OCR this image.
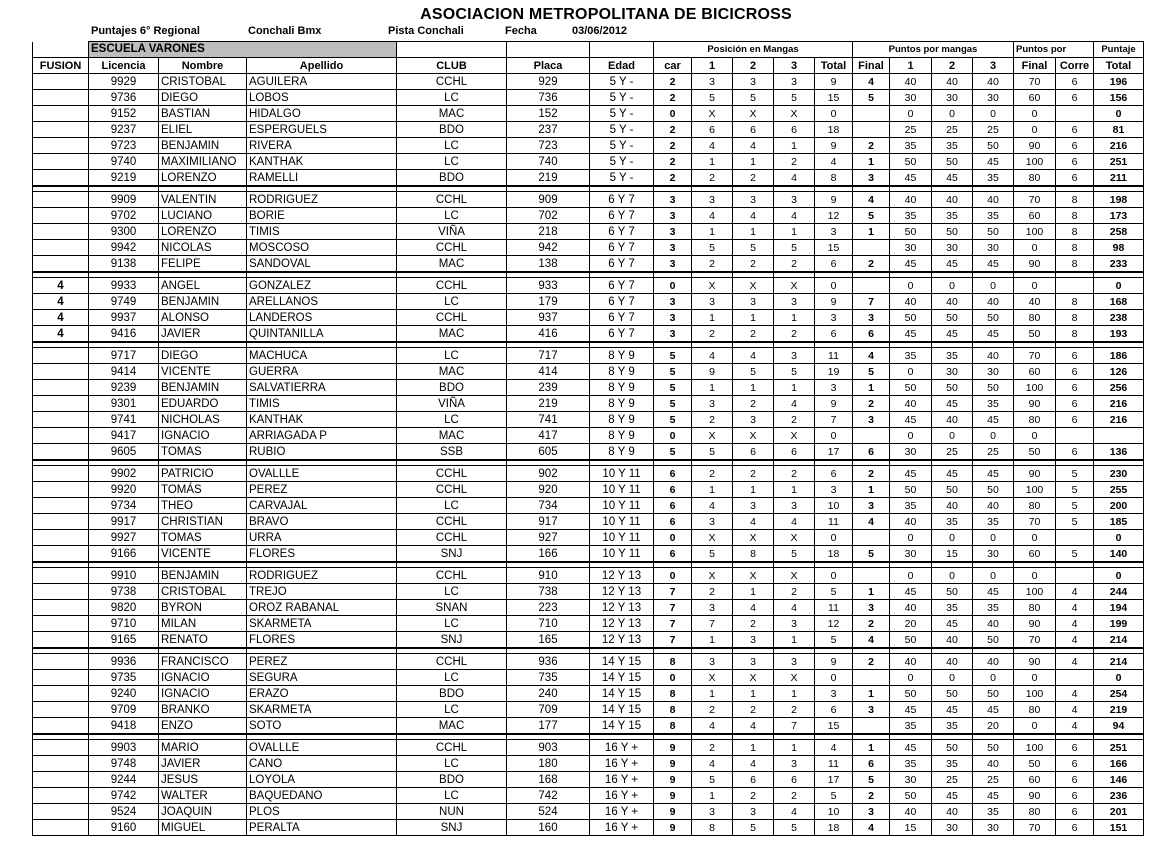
ASOCIACION METROPOLITANA DE BICICROSS
Puntajes 6° Regional	Conchali Bmx	Pista Conchali	Fecha	03/06/2012
	ESCUELA VARONES						Posición en Mangas					Puntos por mangas				Puntos por		Puntaje
FUSION	Licencia	Nombre	Apellido	CLUB	Placa	Edad	car	1	2	3	Total	Final	1	2	3	Final	Corre	Total
	9929	CRISTOBAL	AGUILERA	CCHL	929	5 Y -	2	3	3	3	9	4	40	40	40	70	6	196
	9736	DIEGO	LOBOS	LC	736	5 Y -	2	5	5	5	15	5	30	30	30	60	6	156
	9152	BASTIAN	HIDALGO	MAC	152	5 Y -	0	X	X	X	0		0	0	0	0		0
	9237	ELIEL	ESPERGUELS	BDO	237	5 Y -	2	6	6	6	18		25	25	25	0	6	81
	9723	BENJAMIN	RIVERA	LC	723	5 Y -	2	4	4	1	9	2	35	35	50	90	6	216
	9740	MAXIMILIANO	KANTHAK	LC	740	5 Y -	2	1	1	2	4	1	50	50	45	100	6	251
	9219	LORENZO	RAMELLI	BDO	219	5 Y -	2	2	2	4	8	3	45	45	35	80	6	211

	9909	VALENTIN	RODRIGUEZ	CCHL	909	6 Y 7	3	3	3	3	9	4	40	40	40	70	8	198
	9702	LUCIANO	BORIE	LC	702	6 Y 7	3	4	4	4	12	5	35	35	35	60	8	173
	9300	LORENZO	TIMIS	VIÑA	218	6 Y 7	3	1	1	1	3	1	50	50	50	100	8	258
	9942	NICOLAS	MOSCOSO	CCHL	942	6 Y 7	3	5	5	5	15		30	30	30	0	8	98
	9138	FELIPE	SANDOVAL	MAC	138	6 Y 7	3	2	2	2	6	2	45	45	45	90	8	233

4	9933	ANGEL	GONZALEZ	CCHL	933	6 Y 7	0	X	X	X	0		0	0	0	0		0
4	9749	BENJAMIN	ARELLANOS	LC	179	6 Y 7	3	3	3	3	9	7	40	40	40	40	8	168
4	9937	ALONSO	LANDEROS	CCHL	937	6 Y 7	3	1	1	1	3	3	50	50	50	80	8	238
4	9416	JAVIER	QUINTANILLA	MAC	416	6 Y 7	3	2	2	2	6	6	45	45	45	50	8	193

	9717	DIEGO	MACHUCA	LC	717	8 Y 9	5	4	4	3	11	4	35	35	40	70	6	186
	9414	VICENTE	GUERRA	MAC	414	8 Y 9	5	9	5	5	19	5	0	30	30	60	6	126
	9239	BENJAMIN	SALVATIERRA	BDO	239	8 Y 9	5	1	1	1	3	1	50	50	50	100	6	256
	9301	EDUARDO	TIMIS	VIÑA	219	8 Y 9	5	3	2	4	9	2	40	45	35	90	6	216
	9741	NICHOLAS	KANTHAK	LC	741	8 Y 9	5	2	3	2	7	3	45	40	45	80	6	216
	9417	IGNACIO	ARRIAGADA P	MAC	417	8 Y 9	0	X	X	X	0		0	0	0	0		
	9605	TOMAS	RUBIO	SSB	605	8 Y 9	5	5	6	6	17	6	30	25	25	50	6	136

	9902	PATRICIO	OVALLLE	CCHL	902	10 Y 11	6	2	2	2	6	2	45	45	45	90	5	230
	9920	TOMÁS	PEREZ	CCHL	920	10 Y 11	6	1	1	1	3	1	50	50	50	100	5	255
	9734	THEO	CARVAJAL	LC	734	10 Y 11	6	4	3	3	10	3	35	40	40	80	5	200
	9917	CHRISTIAN	BRAVO	CCHL	917	10 Y 11	6	3	4	4	11	4	40	35	35	70	5	185
	9927	TOMAS	URRA	CCHL	927	10 Y 11	0	X	X	X	0		0	0	0	0		0
	9166	VICENTE	FLORES	SNJ	166	10 Y 11	6	5	8	5	18	5	30	15	30	60	5	140

	9910	BENJAMIN	RODRIGUEZ	CCHL	910	12 Y 13	0	X	X	X	0		0	0	0	0		0
	9738	CRISTOBAL	TREJO	LC	738	12 Y 13	7	2	1	2	5	1	45	50	45	100	4	244
	9820	BYRON	OROZ RABANAL	SNAN	223	12 Y 13	7	3	4	4	11	3	40	35	35	80	4	194
	9710	MILAN	SKARMETA	LC	710	12 Y 13	7	7	2	3	12	2	20	45	40	90	4	199
	9165	RENATO	FLORES	SNJ	165	12 Y 13	7	1	3	1	5	4	50	40	50	70	4	214

	9936	FRANCISCO	PEREZ	CCHL	936	14 Y 15	8	3	3	3	9	2	40	40	40	90	4	214
	9735	IGNACIO	SEGURA	LC	735	14 Y 15	0	X	X	X	0		0	0	0	0		0
	9240	IGNACIO	ERAZO	BDO	240	14 Y 15	8	1	1	1	3	1	50	50	50	100	4	254
	9709	BRANKO	SKARMETA	LC	709	14 Y 15	8	2	2	2	6	3	45	45	45	80	4	219
	9418	ENZO	SOTO	MAC	177	14 Y 15	8	4	4	7	15		35	35	20	0	4	94

	9903	MARIO	OVALLLE	CCHL	903	16 Y +	9	2	1	1	4	1	45	50	50	100	6	251
	9748	JAVIER	CANO	LC	180	16 Y +	9	4	4	3	11	6	35	35	40	50	6	166
	9244	JESUS	LOYOLA	BDO	168	16 Y +	9	5	6	6	17	5	30	25	25	60	6	146
	9742	WALTER	BAQUEDANO	LC	742	16 Y +	9	1	2	2	5	2	50	45	45	90	6	236
	9524	JOAQUIN	PLOS	NUN	524	16 Y +	9	3	3	4	10	3	40	40	35	80	6	201
	9160	MIGUEL	PERALTA	SNJ	160	16 Y +	9	8	5	5	18	4	15	30	30	70	6	151
